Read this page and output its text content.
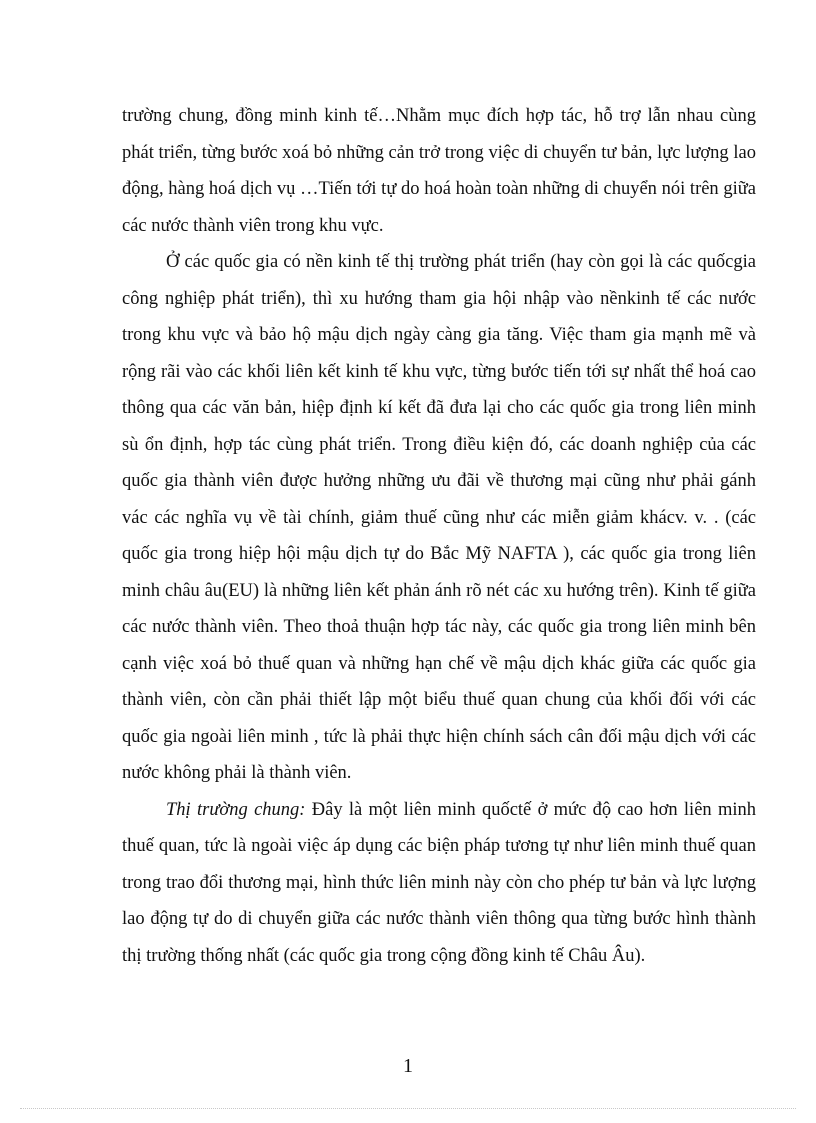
trường chung, đồng minh kinh tế…Nhằm mục đích hợp tác, hỗ trợ lẫn nhau cùng phát triển, từng bước xoá bỏ những cản trở trong việc di chuyển tư bản, lực lượng lao động, hàng hoá dịch vụ …Tiến tới tự do hoá hoàn toàn những di chuyển nói trên giữa các nước thành viên trong khu vực.

Ở các quốc gia có nền kinh tế thị trường phát triển (hay còn gọi là các quốcgia công nghiệp phát triển), thì xu hướng tham gia hội nhập vào nềnkinh tế các nước trong khu vực và bảo hộ mậu dịch ngày càng gia tăng. Việc tham gia mạnh mẽ và rộng rãi vào các khối liên kết kinh tế khu vực, từng bước tiến tới sự nhất thể hoá cao thông qua các văn bản, hiệp định kí kết đã đưa lại cho các quốc gia trong liên minh sù ổn định, hợp tác cùng phát triển. Trong điều kiện đó, các doanh nghiệp của các quốc gia thành viên được hưởng những ưu đãi về thương mại cũng như phải gánh vác các nghĩa vụ về tài chính, giảm thuế cũng như các miễn giảm khácv. v. . (các quốc gia trong hiệp hội mậu dịch tự do Bắc Mỹ NAFTA ), các quốc gia trong liên minh châu âu(EU) là những liên kết phản ánh rõ nét các xu hướng trên). Kinh tế giữa các nước thành viên. Theo thoả thuận hợp tác này, các quốc gia trong liên minh bên cạnh việc xoá bỏ thuế quan và những hạn chế về mậu dịch khác giữa các quốc gia thành viên, còn cần phải thiết lập một biểu thuế quan chung của khối đối với các quốc gia ngoài liên minh , tức là phải thực hiện chính sách cân đối mậu dịch với các nước không phải là thành viên.

Thị trường chung: Đây là một liên minh quốctế ở mức độ cao hơn liên minh thuế quan, tức là ngoài việc áp dụng các biện pháp tương tự như liên minh thuế quan trong trao đổi thương mại, hình thức liên minh này còn cho phép tư bản và lực lượng lao động tự do di chuyển giữa các nước thành viên thông qua từng bước hình thành thị trường thống nhất (các quốc gia trong cộng đồng kinh tế Châu Âu).

1
